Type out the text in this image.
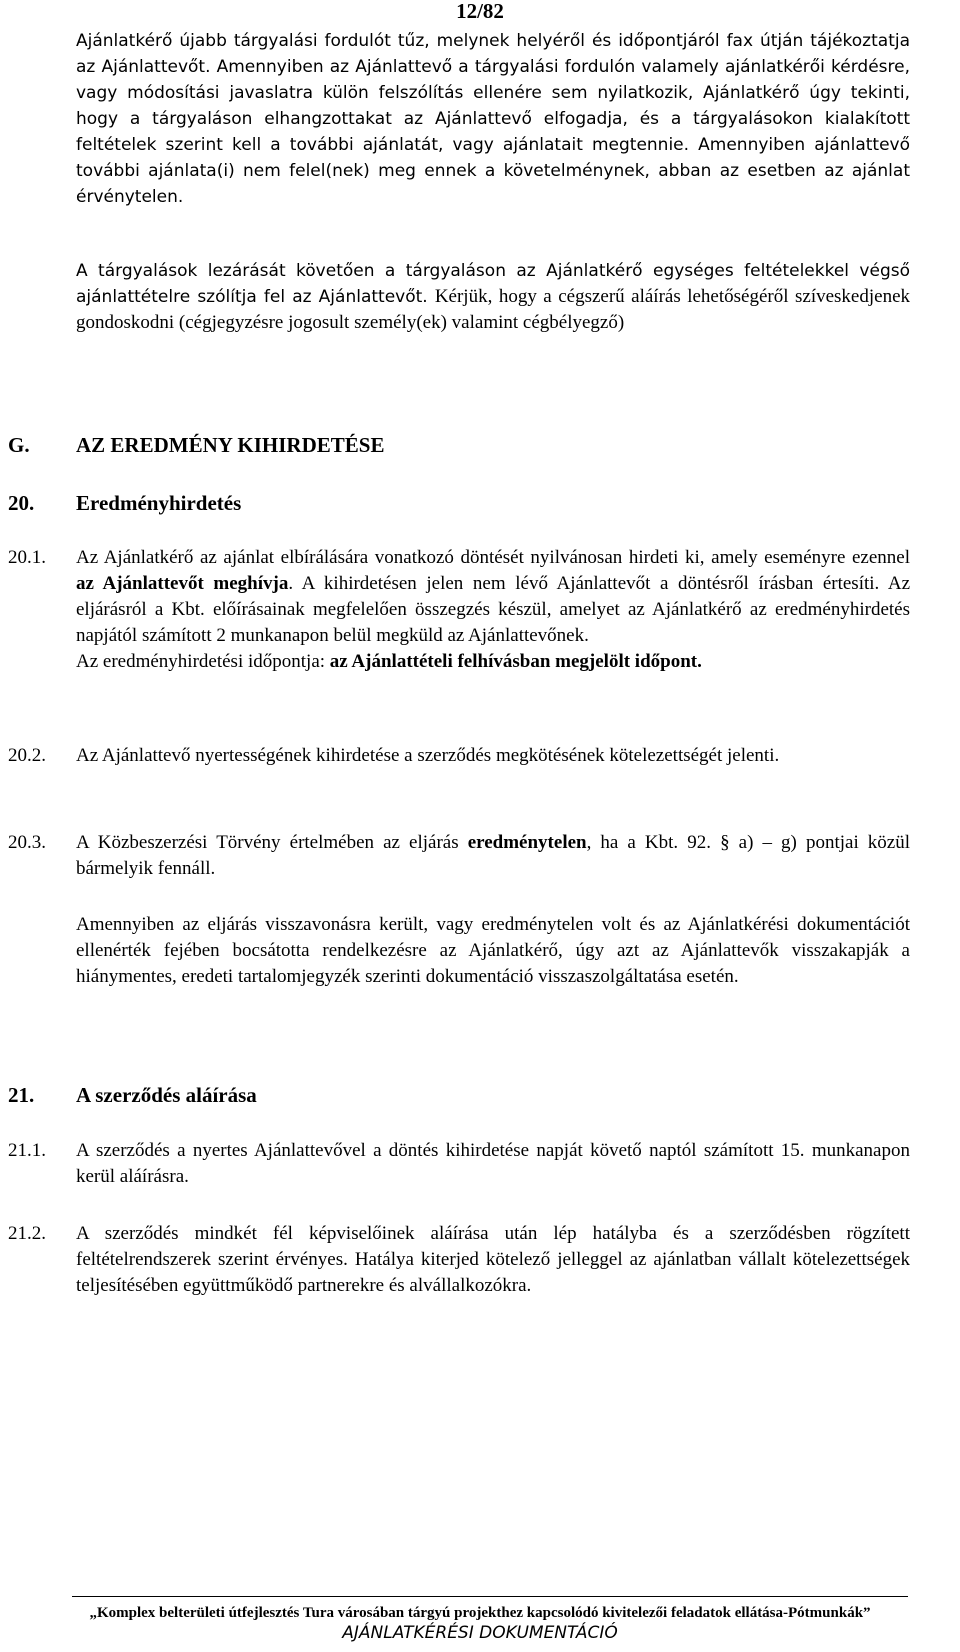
12/82

Ajánlatkérő újabb tárgyalási fordulót tűz, melynek helyéről és időpontjáról fax útján tájékoztatja az Ajánlattevőt. Amennyiben az Ajánlattevő a tárgyalási fordulón valamely ajánlatkérői kérdésre, vagy módosítási javaslatra külön felszólítás ellenére sem nyilatkozik, Ajánlatkérő úgy tekinti, hogy a tárgyaláson elhangzottakat az Ajánlattevő elfogadja, és a tárgyalásokon kialakított feltételek szerint kell a további ajánlatát, vagy ajánlatait megtennie. Amennyiben ajánlattevő további ajánlata(i) nem felel(nek) meg ennek a követelménynek, abban az esetben az ajánlat érvénytelen.

A tárgyalások lezárását követően a tárgyaláson az Ajánlatkérő egységes feltételekkel végső ajánlattételre szólítja fel az Ajánlattevőt. Kérjük, hogy a cégszerű aláírás lehetőségéről szíveskedjenek gondoskodni (cégjegyzésre jogosult személy(ek) valamint cégbélyegző)

G. AZ EREDMÉNY KIHIRDETÉSE
20. Eredményhirdetés
20.1. Az Ajánlatkérő az ajánlat elbírálására vonatkozó döntését nyilvánosan hirdeti ki, amely eseményre ezennel az Ajánlattevőt meghívja. A kihirdetésen jelen nem lévő Ajánlattevőt a döntésről írásban értesíti. Az eljárásról a Kbt. előírásainak megfelelően összegzés készül, amelyet az Ajánlatkérő az eredményhirdetés napjától számított 2 munkanapon belül megküld az Ajánlattevőnek.
Az eredményhirdetési időpontja: az Ajánlattételi felhívásban megjelölt időpont.

20.2. Az Ajánlattevő nyertességének kihirdetése a szerződés megkötésének kötelezettségét jelenti.

20.3. A Közbeszerzési Törvény értelmében az eljárás eredménytelen, ha a Kbt. 92. § a) – g) pontjai közül bármelyik fennáll.

Amennyiben az eljárás visszavonásra került, vagy eredménytelen volt és az Ajánlatkérési dokumentációt ellenérték fejében bocsátotta rendelkezésre az Ajánlatkérő, úgy azt az Ajánlattevők visszakapják a hiánymentes, eredeti tartalomjegyzék szerinti dokumentáció visszaszolgáltatása esetén.

21. A szerződés aláírása
21.1. A szerződés a nyertes Ajánlattevővel a döntés kihirdetése napját követő naptól számított 15. munkanapon kerül aláírásra.

21.2. A szerződés mindkét fél képviselőinek aláírása után lép hatályba és a szerződésben rögzített feltételrendszerek szerint érvényes. Hatálya kiterjed kötelező jelleggel az ajánlatban vállalt kötelezettségek teljesítésében együttműködő partnerekre és alvállalkozókra.

„Komplex belterületi útfejlesztés Tura városában tárgyú projekthez kapcsolódó kivitelezői feladatok ellátása-Pótmunkák”
AJÁNLATKÉRÉSI DOKUMENTÁCIÓ
